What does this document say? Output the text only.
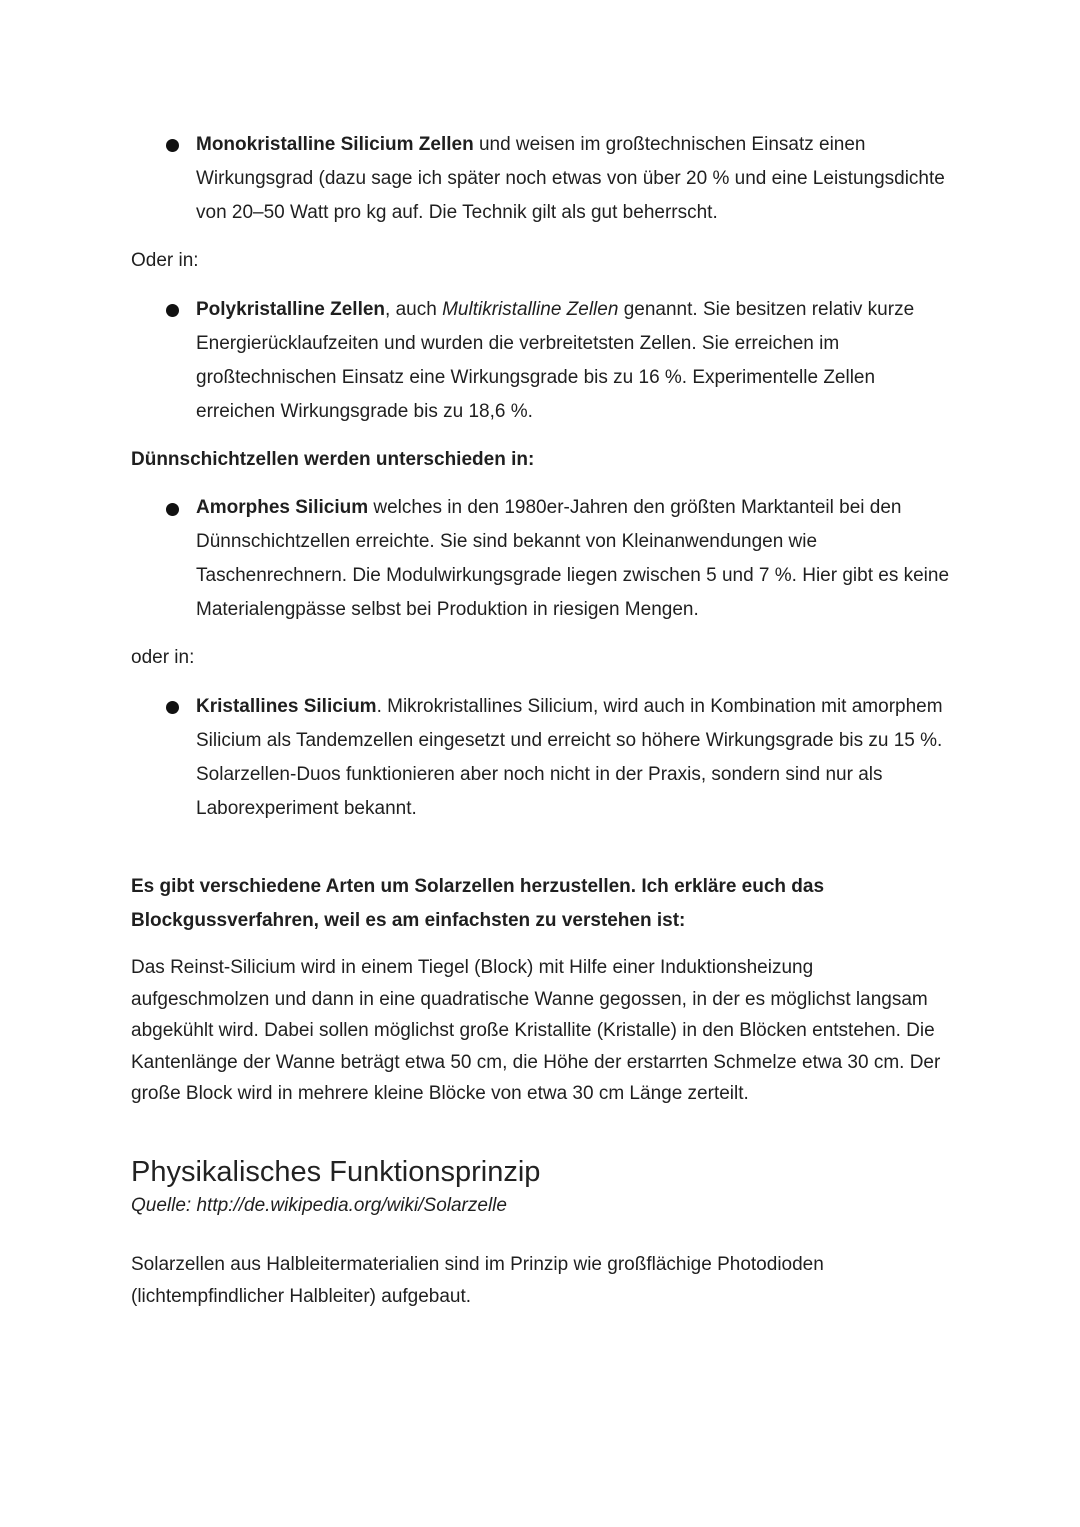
Monokristalline Silicium Zellen und weisen im großtechnischen Einsatz einen Wirkungsgrad (dazu sage ich später noch etwas von über 20 % und eine Leistungsdichte von 20–50 Watt pro kg auf. Die Technik gilt als gut beherrscht.

Oder in:

Polykristalline Zellen, auch Multikristalline Zellen genannt. Sie besitzen relativ kurze Energierücklaufzeiten und wurden die verbreitetsten Zellen. Sie erreichen im großtechnischen Einsatz eine Wirkungsgrade bis zu 16 %. Experimentelle Zellen erreichen Wirkungsgrade bis zu 18,6 %.

Dünnschichtzellen werden unterschieden in:

Amorphes Silicium welches in den 1980er-Jahren den größten Marktanteil bei den Dünnschichtzellen erreichte. Sie sind bekannt von Kleinanwendungen wie Taschenrechnern. Die Modulwirkungsgrade liegen zwischen 5 und 7 %. Hier gibt es keine Materialengpässe selbst bei Produktion in riesigen Mengen.

oder in:

Kristallines Silicium. Mikrokristallines Silicium, wird auch in Kombination mit amorphem Silicium als Tandemzellen eingesetzt und erreicht so höhere Wirkungsgrade bis zu 15 %. Solarzellen-Duos funktionieren aber noch nicht in der Praxis, sondern sind nur als Laborexperiment bekannt.

Es gibt verschiedene Arten um Solarzellen herzustellen. Ich erkläre euch das Blockgussverfahren, weil es am einfachsten zu verstehen ist:

Das Reinst-Silicium wird in einem Tiegel (Block) mit Hilfe einer Induktionsheizung aufgeschmolzen und dann in eine quadratische Wanne gegossen, in der es möglichst langsam abgekühlt wird. Dabei sollen möglichst große Kristallite (Kristalle) in den Blöcken entstehen. Die Kantenlänge der Wanne beträgt etwa 50 cm, die Höhe der erstarrten Schmelze etwa 30 cm. Der große Block wird in mehrere kleine Blöcke von etwa 30 cm Länge zerteilt.

Physikalisches Funktionsprinzip

Quelle: http://de.wikipedia.org/wiki/Solarzelle

Solarzellen aus Halbleitermaterialien sind im Prinzip wie großflächige Photodioden (lichtempfindlicher Halbleiter) aufgebaut.
